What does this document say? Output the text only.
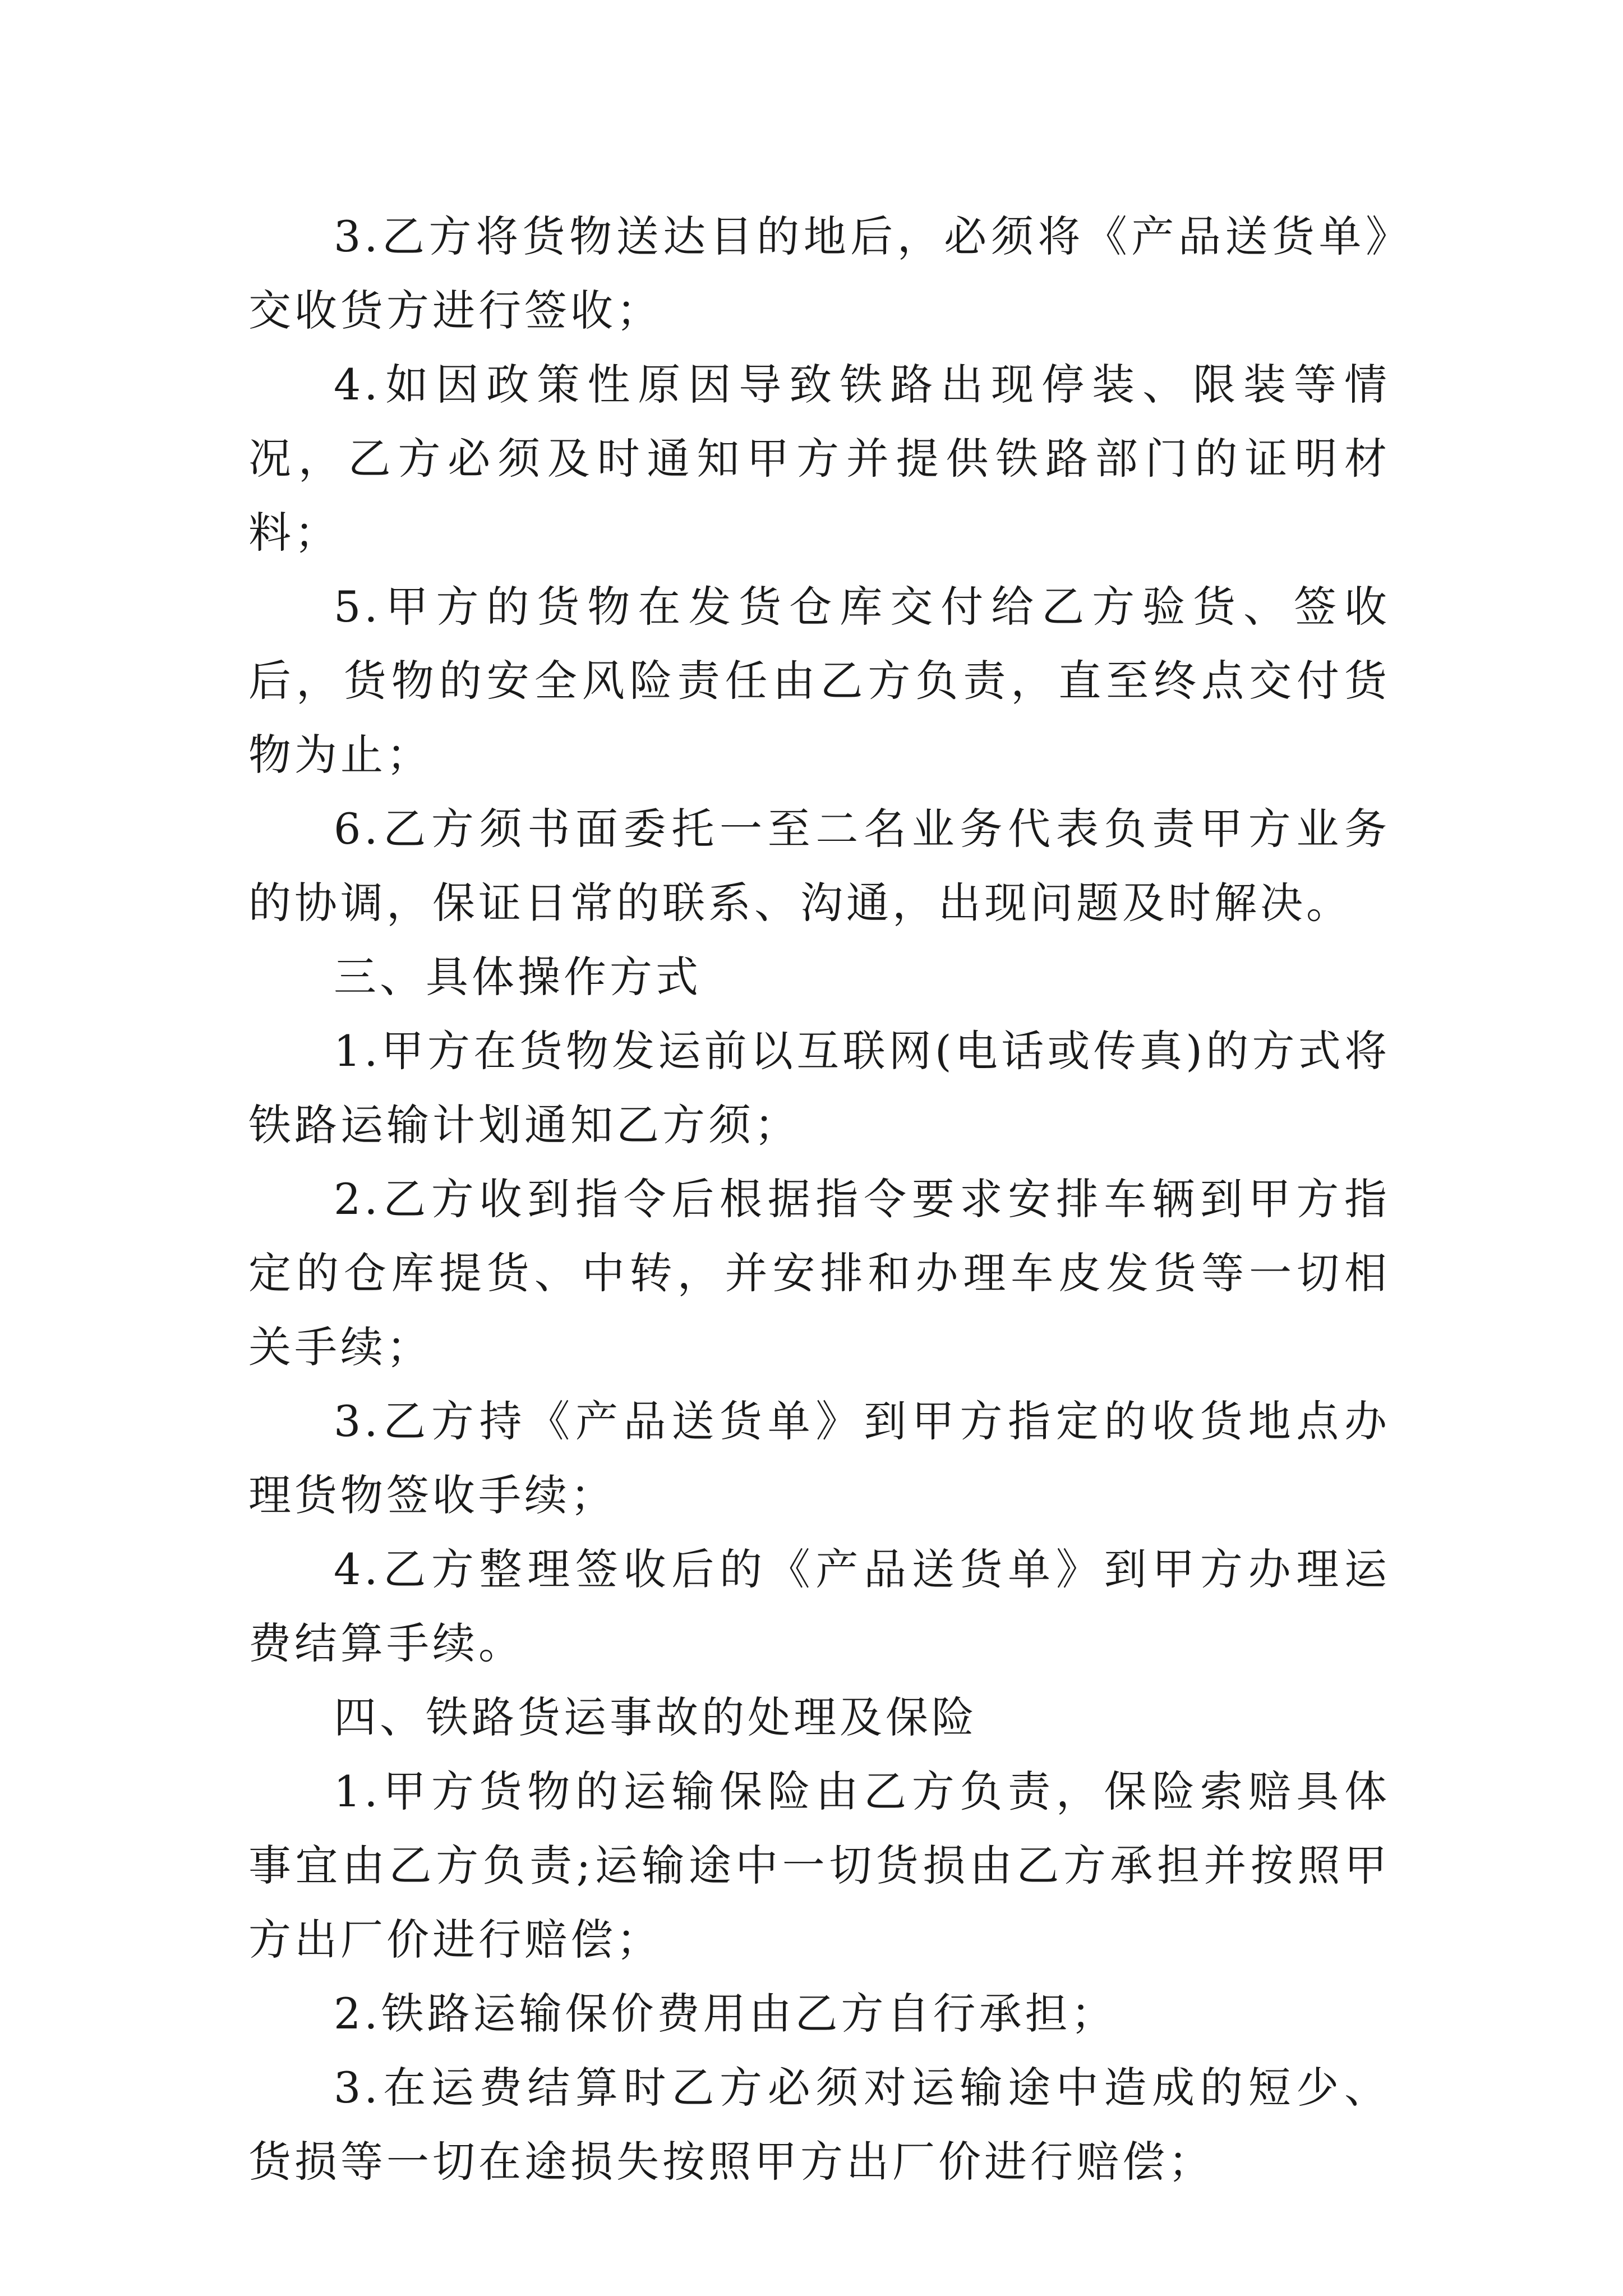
3.乙方将货物送达目的地后，必须将《产品送货单》交收货方进行签收；

4.如因政策性原因导致铁路出现停装、限装等情况，乙方必须及时通知甲方并提供铁路部门的证明材料；

5.甲方的货物在发货仓库交付给乙方验货、签收后，货物的安全风险责任由乙方负责，直至终点交付货物为止；

6.乙方须书面委托一至二名业务代表负责甲方业务的协调，保证日常的联系、沟通，出现问题及时解决。

三、具体操作方式

1.甲方在货物发运前以互联网(电话或传真)的方式将铁路运输计划通知乙方须；

2.乙方收到指令后根据指令要求安排车辆到甲方指定的仓库提货、中转，并安排和办理车皮发货等一切相关手续；

3.乙方持《产品送货单》到甲方指定的收货地点办理货物签收手续；

4.乙方整理签收后的《产品送货单》到甲方办理运费结算手续。

四、铁路货运事故的处理及保险

1.甲方货物的运输保险由乙方负责，保险索赔具体事宜由乙方负责;运输途中一切货损由乙方承担并按照甲方出厂价进行赔偿；

2.铁路运输保价费用由乙方自行承担；

3.在运费结算时乙方必须对运输途中造成的短少、货损等一切在途损失按照甲方出厂价进行赔偿；
